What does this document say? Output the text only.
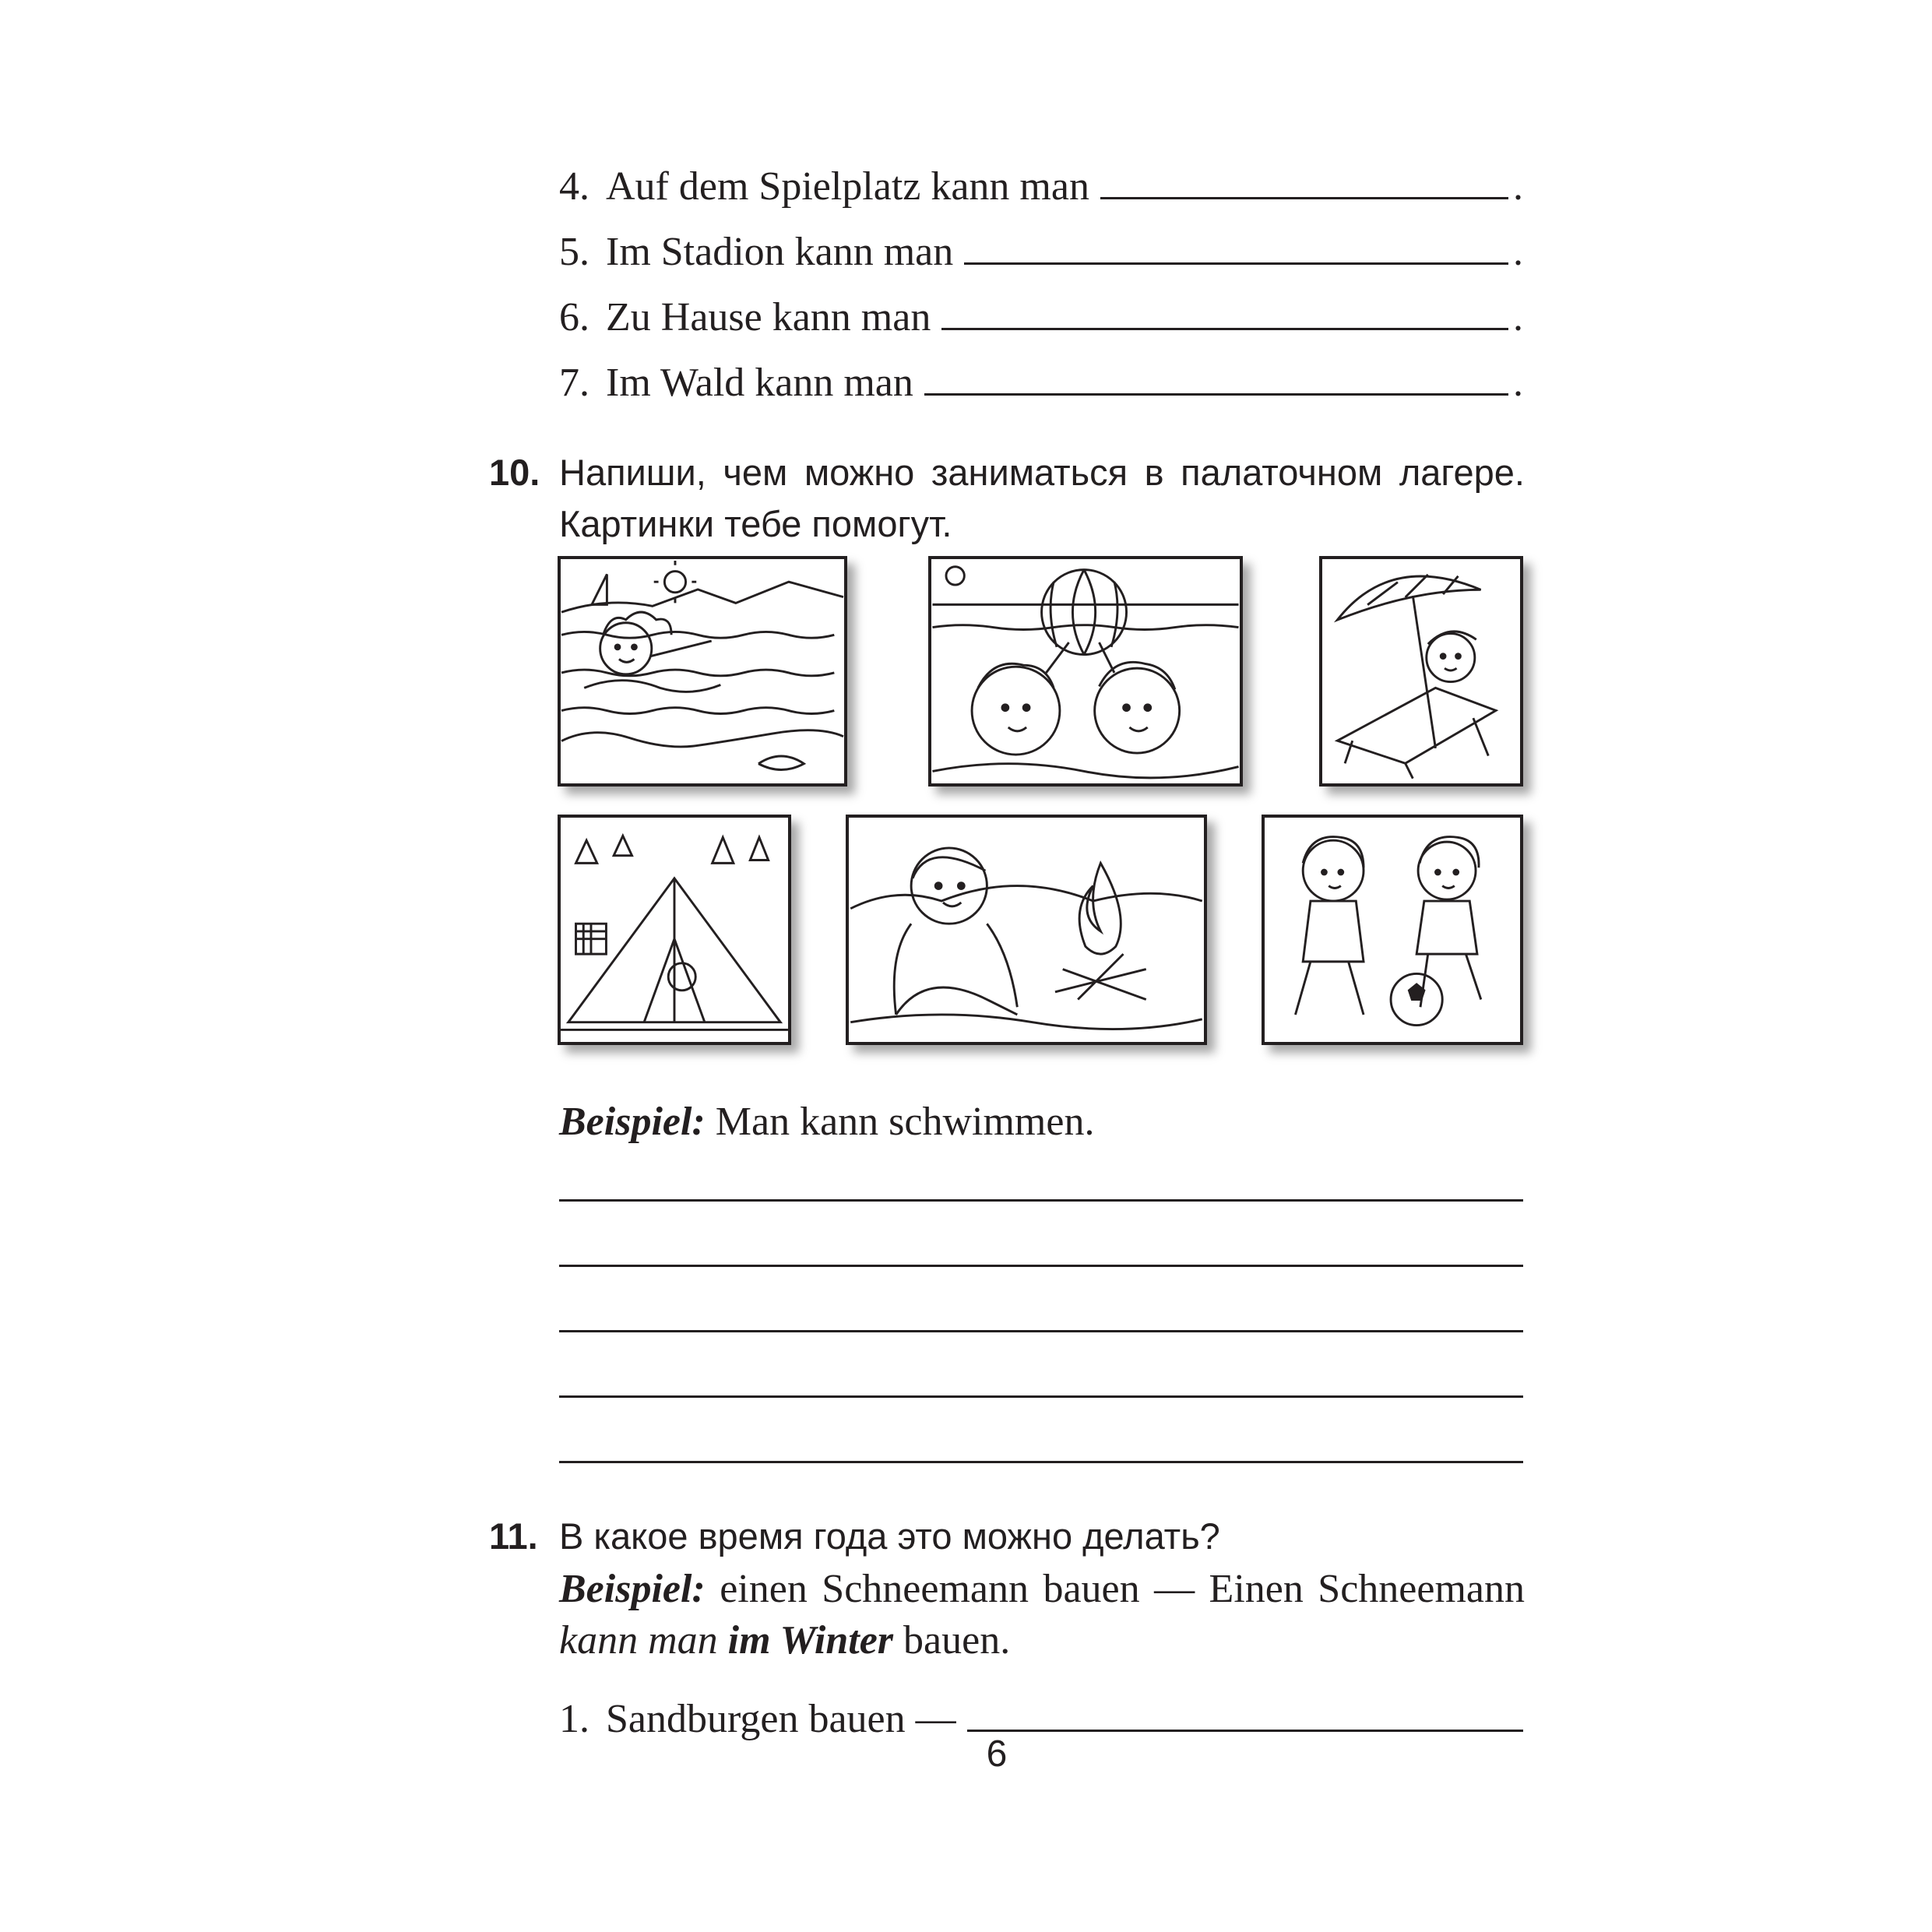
4. Auf dem Spielplatz kann man	.
5. Im Stadion kann man	.
6. Zu Hause kann man	.
7. Im Wald kann man	.
10. Напиши, чем можно заниматься в палаточном лагере. Картинки тебе помогут.
Beispiel: Man kann schwimmen.
11. В какое время года это можно делать?
Beispiel: einen Schneemann bauen — Einen Schneemann kann man im Winter bauen.
1. Sandburgen bauen —
6
